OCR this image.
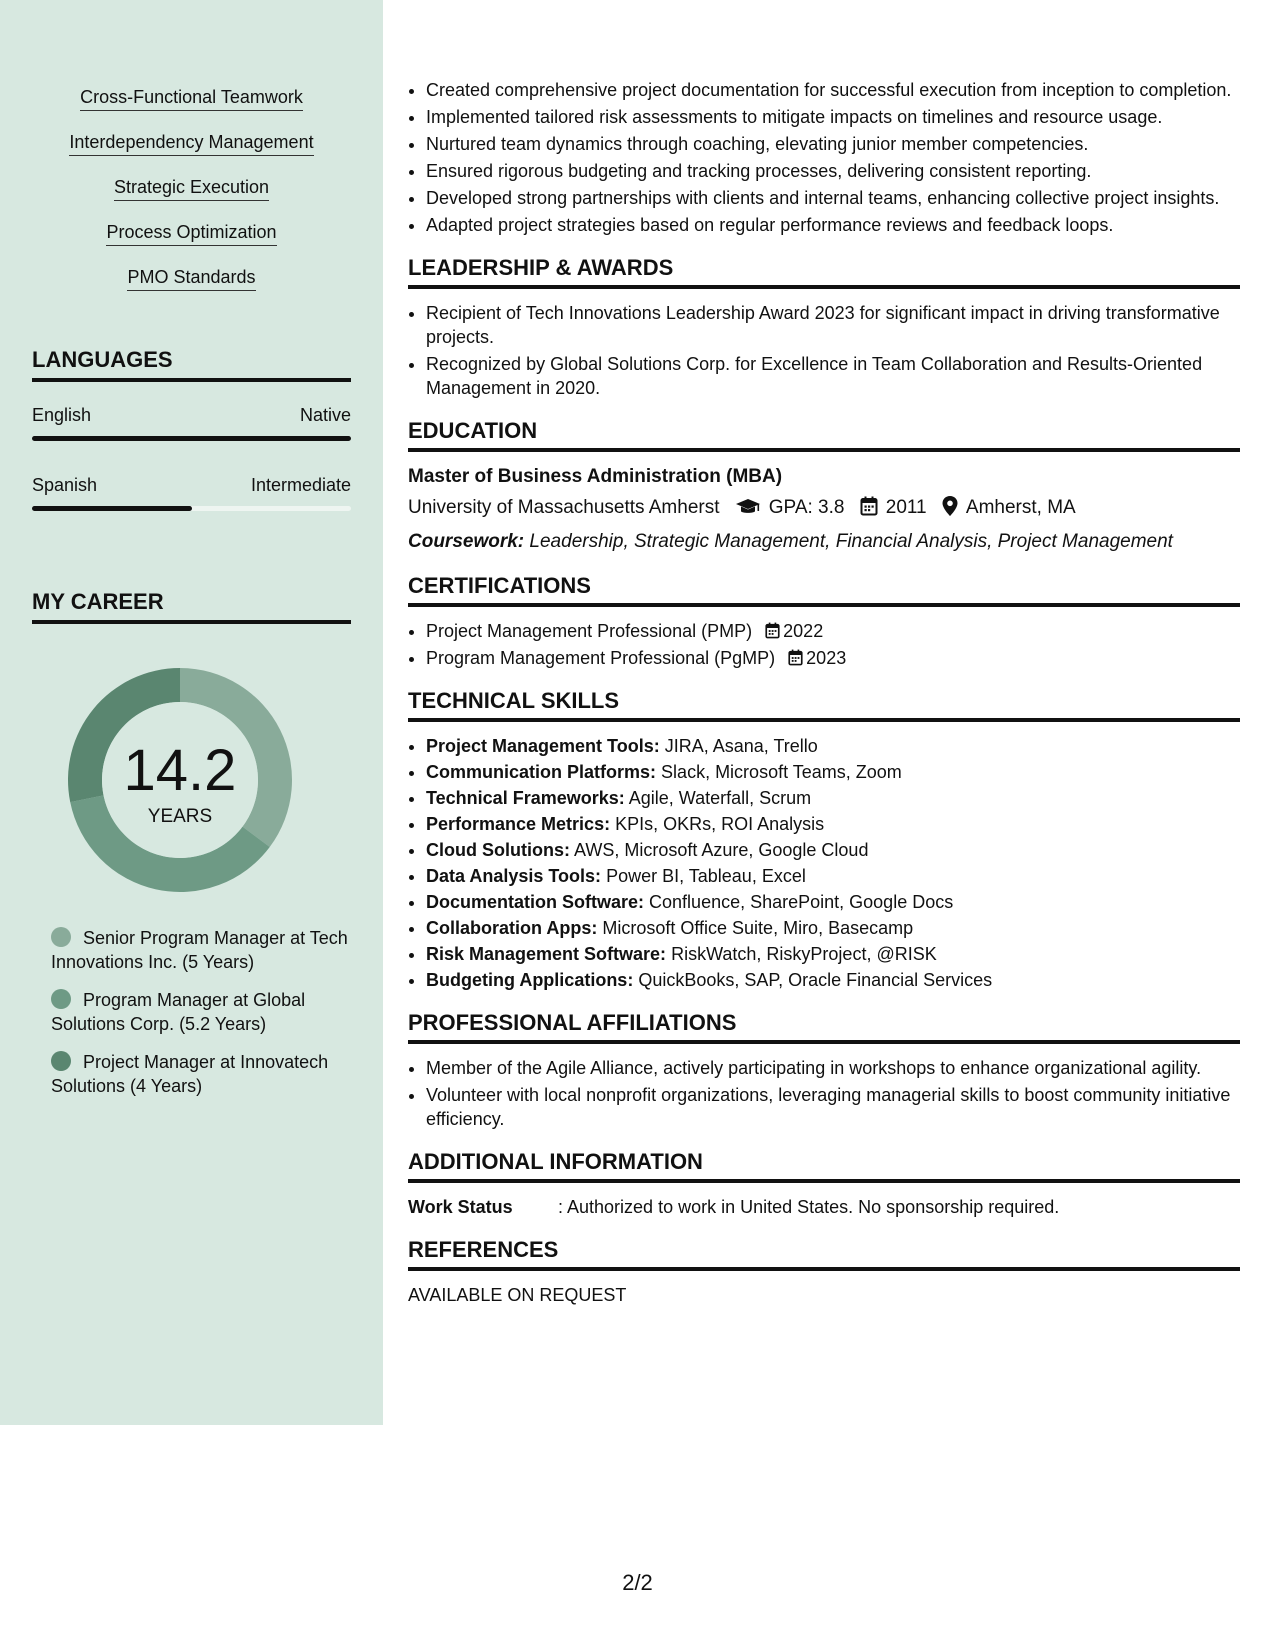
Cross-Functional Teamwork
Interdependency Management
Strategic Execution
Process Optimization
PMO Standards
LANGUAGES
English	Native
Spanish	Intermediate
MY CAREER
14.2
YEARS
Senior Program Manager at Tech Innovations Inc. (5 Years)
Program Manager at Global Solutions Corp. (5.2 Years)
Project Manager at Innovatech Solutions (4 Years)
• Created comprehensive project documentation for successful execution from inception to completion.
• Implemented tailored risk assessments to mitigate impacts on timelines and resource usage.
• Nurtured team dynamics through coaching, elevating junior member competencies.
• Ensured rigorous budgeting and tracking processes, delivering consistent reporting.
• Developed strong partnerships with clients and internal teams, enhancing collective project insights.
• Adapted project strategies based on regular performance reviews and feedback loops.
LEADERSHIP & AWARDS
• Recipient of Tech Innovations Leadership Award 2023 for significant impact in driving transformative projects.
• Recognized by Global Solutions Corp. for Excellence in Team Collaboration and Results-Oriented Management in 2020.
EDUCATION
Master of Business Administration (MBA)
University of Massachusetts Amherst	GPA: 3.8 2011 Amherst, MA
Coursework: Leadership, Strategic Management, Financial Analysis, Project Management
CERTIFICATIONS
• Project Management Professional (PMP) 2022
• Program Management Professional (PgMP) 2023
TECHNICAL SKILLS
• Project Management Tools: JIRA, Asana, Trello
• Communication Platforms: Slack, Microsoft Teams, Zoom
• Technical Frameworks: Agile, Waterfall, Scrum
• Performance Metrics: KPIs, OKRs, ROI Analysis
• Cloud Solutions: AWS, Microsoft Azure, Google Cloud
• Data Analysis Tools: Power BI, Tableau, Excel
• Documentation Software: Confluence, SharePoint, Google Docs
• Collaboration Apps: Microsoft Office Suite, Miro, Basecamp
• Risk Management Software: RiskWatch, RiskyProject, @RISK
• Budgeting Applications: QuickBooks, SAP, Oracle Financial Services
PROFESSIONAL AFFILIATIONS
• Member of the Agile Alliance, actively participating in workshops to enhance organizational agility.
• Volunteer with local nonprofit organizations, leveraging managerial skills to boost community initiative efficiency.
ADDITIONAL INFORMATION
Work Status	: Authorized to work in United States. No sponsorship required.
REFERENCES
AVAILABLE ON REQUEST
2/2
